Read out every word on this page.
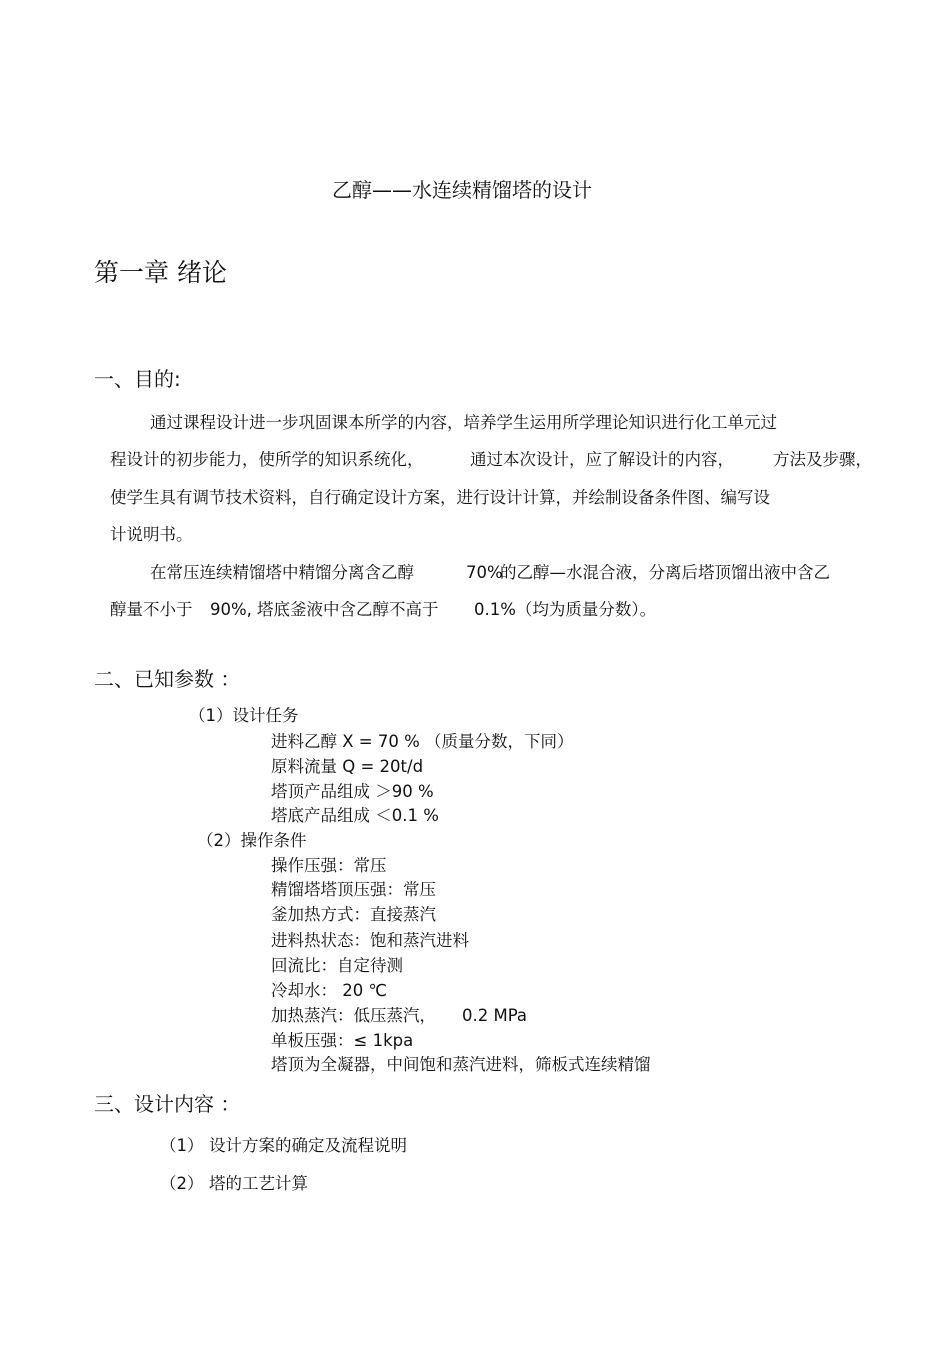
乙醇——水连续精馏塔的设计
第一章 绪论
一、目的:
通过课程设计进一步巩固课本所学的内容，培养学生运用所学理论知识进行化工单元过
程设计的初步能力，使所学的知识系统化，	通过本次设计，应了解设计的内容， 方法及步骤，
使学生具有调节技术资料，自行确定设计方案，进行设计计算，并绘制设备条件图、编写设
计说明书。
在常压连续精馏塔中精馏分离含乙醇	70%
的乙醇—水混合液，分离后塔顶馏出液中含乙
醇量不小于 90%, 塔底釜液中含乙醇不高于 0.1%（均为质量分数）。
二、已知参数 ：
（1）设计任务
进料乙醇 X = 70 % （质量分数，下同）
原料流量 Q = 20t/d
塔顶产品组成 ＞90 %
塔底产品组成 ＜0.1 %
（2）操作条件
操作压强：常压
精馏塔塔顶压强：常压
釜加热方式：直接蒸汽
进料热状态：饱和蒸汽进料
回流比：自定待测
冷却水： 20 ℃
加热蒸汽：低压蒸汽， 0.2 MPa
单板压强：≤ 1kpa
塔顶为全凝器，中间饱和蒸汽进料，筛板式连续精馏
三、设计内容 ：
（1） 设计方案的确定及流程说明
（2） 塔的工艺计算
